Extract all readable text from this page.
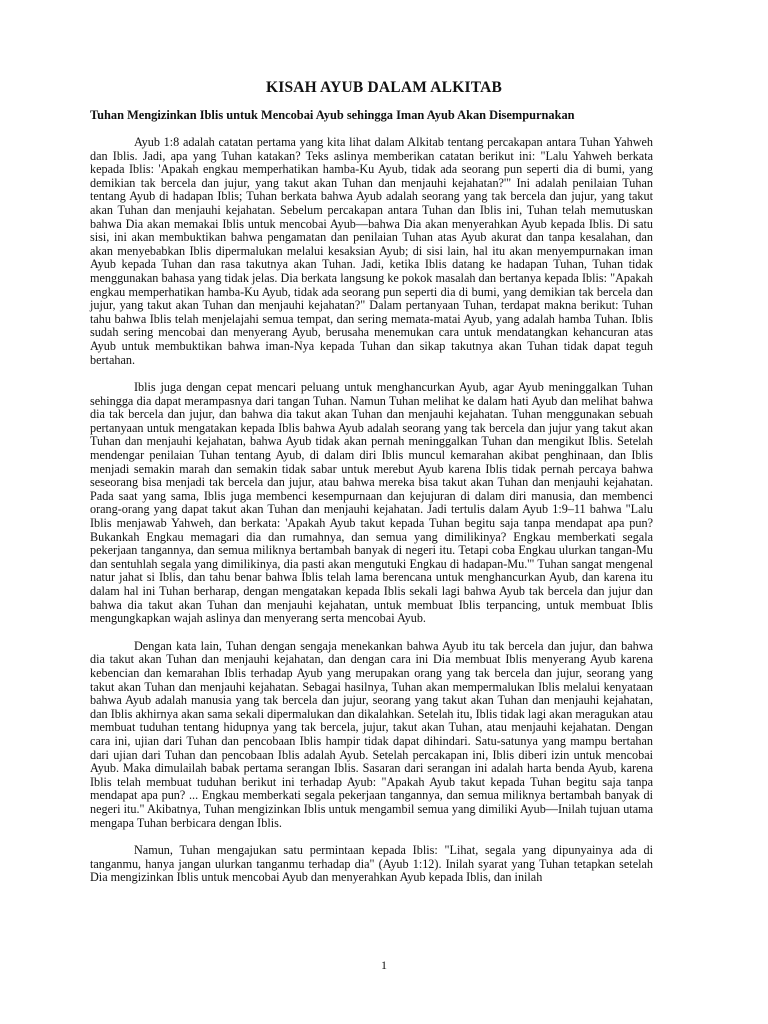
KISAH AYUB DALAM ALKITAB
Tuhan Mengizinkan Iblis untuk Mencobai Ayub sehingga Iman Ayub Akan Disempurnakan

Ayub 1:8 adalah catatan pertama yang kita lihat dalam Alkitab tentang percakapan antara Tuhan Yahweh dan Iblis. Jadi, apa yang Tuhan katakan? Teks aslinya memberikan catatan berikut ini: "Lalu Yahweh berkata kepada Iblis: 'Apakah engkau memperhatikan hamba-Ku Ayub, tidak ada seorang pun seperti dia di bumi, yang demikian tak bercela dan jujur, yang takut akan Tuhan dan menjauhi kejahatan?'" Ini adalah penilaian Tuhan tentang Ayub di hadapan Iblis; Tuhan berkata bahwa Ayub adalah seorang yang tak bercela dan jujur, yang takut akan Tuhan dan menjauhi kejahatan. Sebelum percakapan antara Tuhan dan Iblis ini, Tuhan telah memutuskan bahwa Dia akan memakai Iblis untuk mencobai Ayub—bahwa Dia akan menyerahkan Ayub kepada Iblis. Di satu sisi, ini akan membuktikan bahwa pengamatan dan penilaian Tuhan atas Ayub akurat dan tanpa kesalahan, dan akan menyebabkan Iblis dipermalukan melalui kesaksian Ayub; di sisi lain, hal itu akan menyempurnakan iman Ayub kepada Tuhan dan rasa takutnya akan Tuhan. Jadi, ketika Iblis datang ke hadapan Tuhan, Tuhan tidak menggunakan bahasa yang tidak jelas. Dia berkata langsung ke pokok masalah dan bertanya kepada Iblis: "Apakah engkau memperhatikan hamba-Ku Ayub, tidak ada seorang pun seperti dia di bumi, yang demikian tak bercela dan jujur, yang takut akan Tuhan dan menjauhi kejahatan?" Dalam pertanyaan Tuhan, terdapat makna berikut: Tuhan tahu bahwa Iblis telah menjelajahi semua tempat, dan sering mematа-matai Ayub, yang adalah hamba Tuhan. Iblis sudah sering mencobai dan menyerang Ayub, berusaha menemukan cara untuk mendatangkan kehancuran atas Ayub untuk membuktikan bahwa iman-Nya kepada Tuhan dan sikap takutnya akan Tuhan tidak dapat teguh bertahan.

Iblis juga dengan cepat mencari peluang untuk menghancurkan Ayub, agar Ayub meninggalkan Tuhan sehingga dia dapat merampasnya dari tangan Tuhan. Namun Tuhan melihat ke dalam hati Ayub dan melihat bahwa dia tak bercela dan jujur, dan bahwa dia takut akan Tuhan dan menjauhi kejahatan. Tuhan menggunakan sebuah pertanyaan untuk mengatakan kepada Iblis bahwa Ayub adalah seorang yang tak bercela dan jujur yang takut akan Tuhan dan menjauhi kejahatan, bahwa Ayub tidak akan pernah meninggalkan Tuhan dan mengikut Iblis. Setelah mendengar penilaian Tuhan tentang Ayub, di dalam diri Iblis muncul kemarahan akibat penghinaan, dan Iblis menjadi semakin marah dan semakin tidak sabar untuk merebut Ayub karena Iblis tidak pernah percaya bahwa seseorang bisa menjadi tak bercela dan jujur, atau bahwa mereka bisa takut akan Tuhan dan menjauhi kejahatan. Pada saat yang sama, Iblis juga membenci kesempurnaan dan kejujuran di dalam diri manusia, dan membenci orang-orang yang dapat takut akan Tuhan dan menjauhi kejahatan. Jadi tertulis dalam Ayub 1:9–11 bahwa "Lalu Iblis menjawab Yahweh, dan berkata: 'Apakah Ayub takut kepada Tuhan begitu saja tanpa mendapat apa pun? Bukankah Engkau memagari dia dan rumahnya, dan semua yang dimilikinya? Engkau memberkati segala pekerjaan tangannya, dan semua miliknya bertambah banyak di negeri itu. Tetapi coba Engkau ulurkan tangan-Mu dan sentuhlah segala yang dimilikinya, dia pasti akan mengutuki Engkau di hadapan-Mu.'" Tuhan sangat mengenal natur jahat si Iblis, dan tahu benar bahwa Iblis telah lama berencana untuk menghancurkan Ayub, dan karena itu dalam hal ini Tuhan berharap, dengan mengatakan kepada Iblis sekali lagi bahwa Ayub tak bercela dan jujur dan bahwa dia takut akan Tuhan dan menjauhi kejahatan, untuk membuat Iblis terpancing, untuk membuat Iblis mengungkapkan wajah aslinya dan menyerang serta mencobai Ayub.

Dengan kata lain, Tuhan dengan sengaja menekankan bahwa Ayub itu tak bercela dan jujur, dan bahwa dia takut akan Tuhan dan menjauhi kejahatan, dan dengan cara ini Dia membuat Iblis menyerang Ayub karena kebencian dan kemarahan Iblis terhadap Ayub yang merupakan orang yang tak bercela dan jujur, seorang yang takut akan Tuhan dan menjauhi kejahatan. Sebagai hasilnya, Tuhan akan mempermalukan Iblis melalui kenyataan bahwa Ayub adalah manusia yang tak bercela dan jujur, seorang yang takut akan Tuhan dan menjauhi kejahatan, dan Iblis akhirnya akan sama sekali dipermalukan dan dikalahkan. Setelah itu, Iblis tidak lagi akan meragukan atau membuat tuduhan tentang hidupnya yang tak bercela, jujur, takut akan Tuhan, atau menjauhi kejahatan. Dengan cara ini, ujian dari Tuhan dan pencobaan Iblis hampir tidak dapat dihindari. Satu-satunya yang mampu bertahan dari ujian dari Tuhan dan pencobaan Iblis adalah Ayub. Setelah percakapan ini, Iblis diberi izin untuk mencobai Ayub. Maka dimulailah babak pertama serangan Iblis. Sasaran dari serangan ini adalah harta benda Ayub, karena Iblis telah membuat tuduhan berikut ini terhadap Ayub: "Apakah Ayub takut kepada Tuhan begitu saja tanpa mendapat apa pun? ... Engkau memberkati segala pekerjaan tangannya, dan semua miliknya bertambah banyak di negeri itu." Akibatnya, Tuhan mengizinkan Iblis untuk mengambil semua yang dimiliki Ayub—Inilah tujuan utama mengapa Tuhan berbicara dengan Iblis.

Namun, Tuhan mengajukan satu permintaan kepada Iblis: "Lihat, segala yang dipunyainya ada di tanganmu, hanya jangan ulurkan tanganmu terhadap dia" (Ayub 1:12). Inilah syarat yang Tuhan tetapkan setelah Dia mengizinkan Iblis untuk mencobai Ayub dan menyerahkan Ayub kepada Iblis, dan inilah

1
